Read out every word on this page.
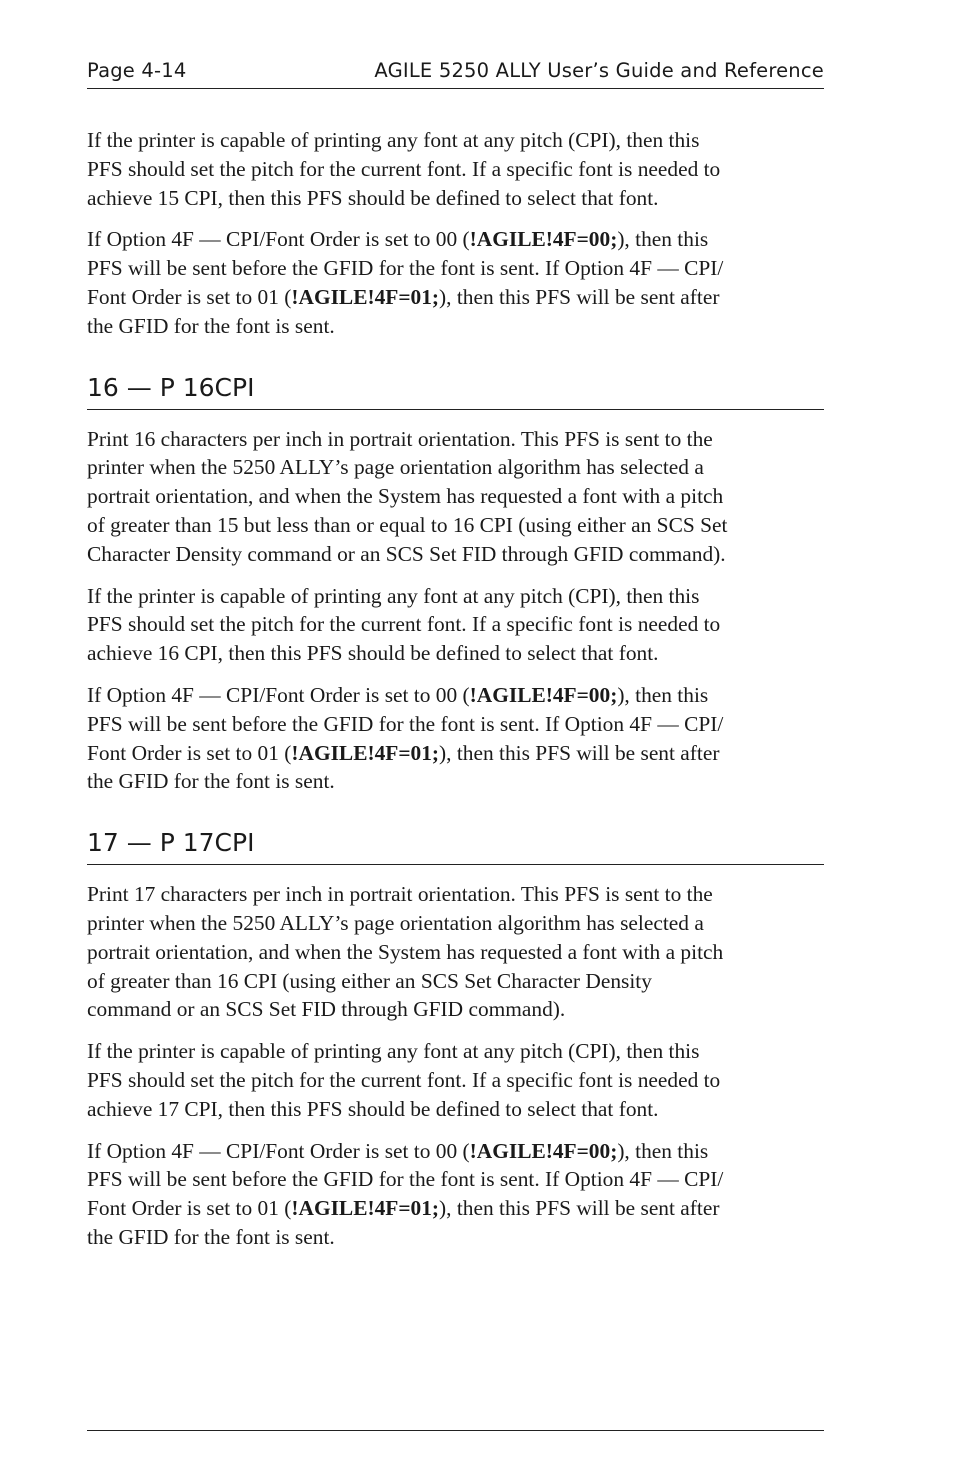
Page 4-14	AGILE 5250 ALLY User’s Guide and Reference

If the printer is capable of printing any font at any pitch (CPI), then this
PFS should set the pitch for the current font. If a specific font is needed to
achieve 15 CPI, then this PFS should be defined to select that font.

If Option 4F — CPI/Font Order is set to 00 (!AGILE!4F=00;), then this
PFS will be sent before the GFID for the font is sent. If Option 4F — CPI/
Font Order is set to 01 (!AGILE!4F=01;), then this PFS will be sent after
the GFID for the font is sent.

16 — P 16CPI

Print 16 characters per inch in portrait orientation. This PFS is sent to the
printer when the 5250 ALLY’s page orientation algorithm has selected a
portrait orientation, and when the System has requested a font with a pitch
of greater than 15 but less than or equal to 16 CPI (using either an SCS Set
Character Density command or an SCS Set FID through GFID command).

If the printer is capable of printing any font at any pitch (CPI), then this
PFS should set the pitch for the current font. If a specific font is needed to
achieve 16 CPI, then this PFS should be defined to select that font.

If Option 4F — CPI/Font Order is set to 00 (!AGILE!4F=00;), then this
PFS will be sent before the GFID for the font is sent. If Option 4F — CPI/
Font Order is set to 01 (!AGILE!4F=01;), then this PFS will be sent after
the GFID for the font is sent.

17 — P 17CPI

Print 17 characters per inch in portrait orientation. This PFS is sent to the
printer when the 5250 ALLY’s page orientation algorithm has selected a
portrait orientation, and when the System has requested a font with a pitch
of greater than 16 CPI (using either an SCS Set Character Density
command or an SCS Set FID through GFID command).

If the printer is capable of printing any font at any pitch (CPI), then this
PFS should set the pitch for the current font. If a specific font is needed to
achieve 17 CPI, then this PFS should be defined to select that font.

If Option 4F — CPI/Font Order is set to 00 (!AGILE!4F=00;), then this
PFS will be sent before the GFID for the font is sent. If Option 4F — CPI/
Font Order is set to 01 (!AGILE!4F=01;), then this PFS will be sent after
the GFID for the font is sent.
